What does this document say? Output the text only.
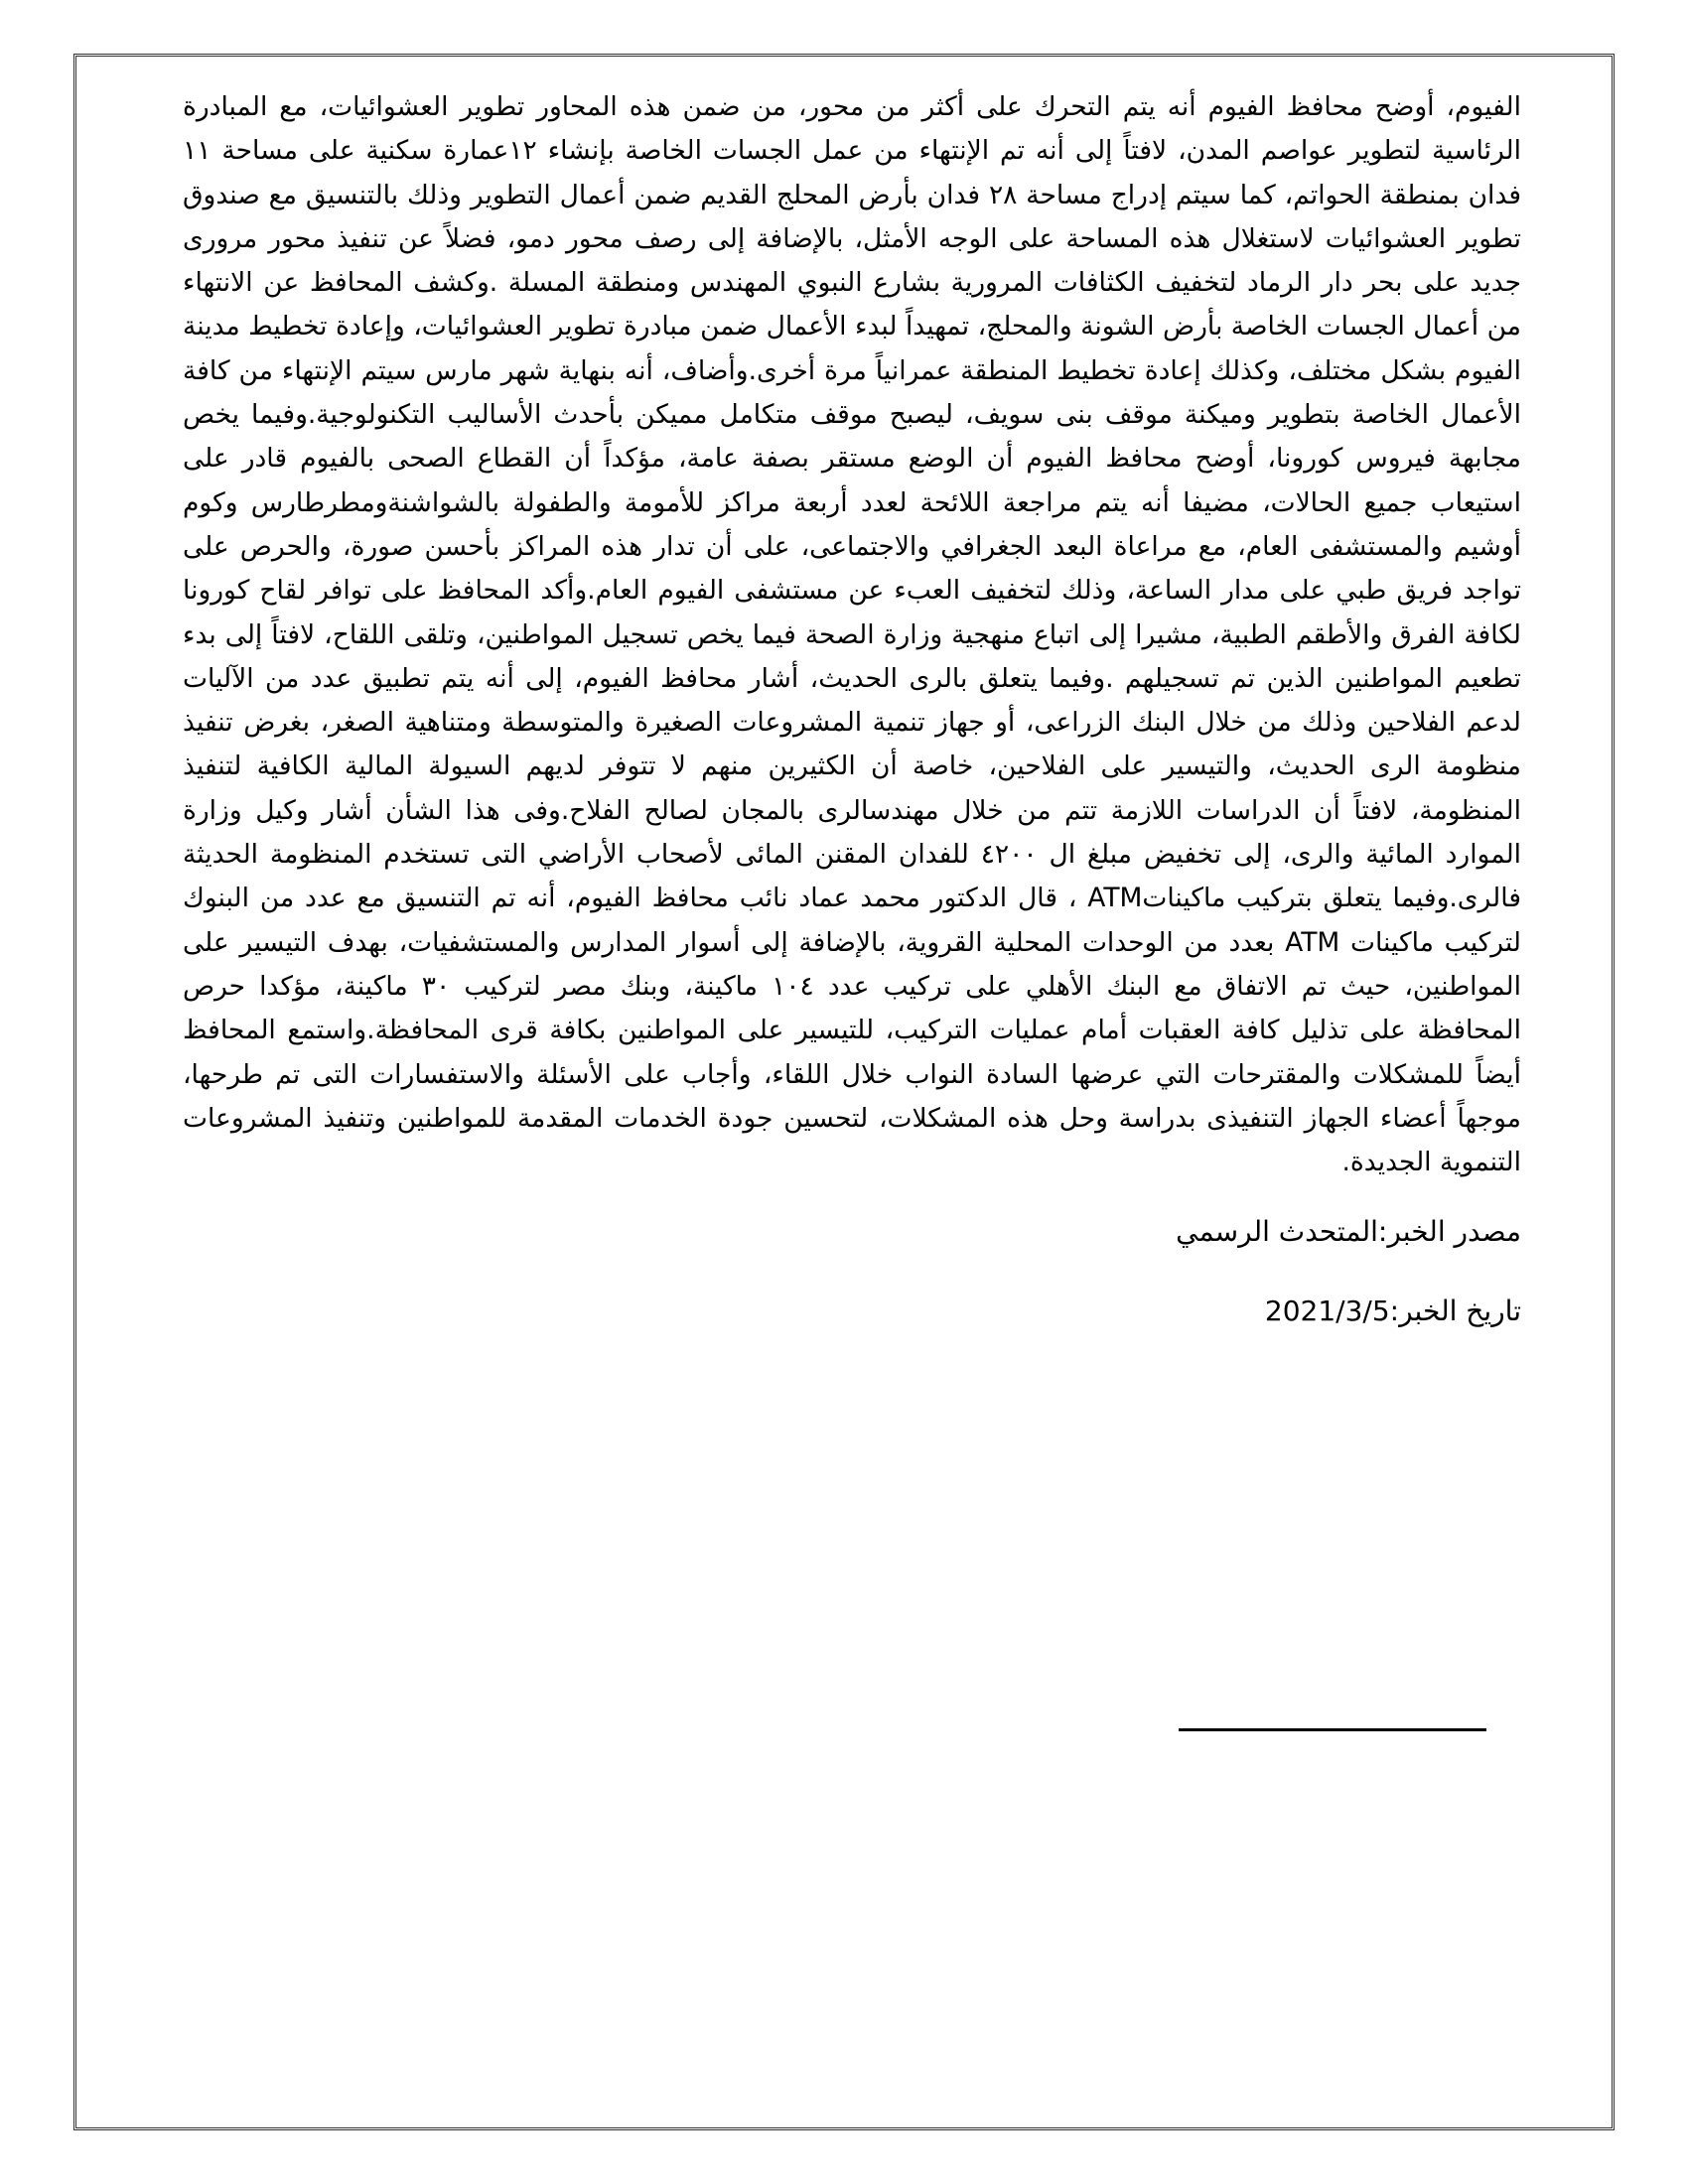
الفيوم، أوضح محافظ الفيوم أنه يتم التحرك على أكثر من محور، من ضمن هذه المحاور تطوير العشوائيات، مع المبادرة الرئاسية لتطوير عواصم المدن، لافتاً إلى أنه تم الإنتهاء من عمل الجسات الخاصة بإنشاء ١٢عمارة سكنية على مساحة ١١ فدان بمنطقة الحواتم، كما سيتم إدراج مساحة ٢٨ فدان بأرض المحلج القديم ضمن أعمال التطوير وذلك بالتنسيق مع صندوق تطوير العشوائيات لاستغلال هذه المساحة على الوجه الأمثل، بالإضافة إلى رصف محور دمو، فضلاً عن تنفيذ محور مرورى جديد على بحر دار الرماد لتخفيف الكثافات المرورية بشارع النبوي المهندس ومنطقة المسلة .وكشف المحافظ عن الانتهاء من أعمال الجسات الخاصة بأرض الشونة والمحلج، تمهيداً لبدء الأعمال ضمن مبادرة تطوير العشوائيات، وإعادة تخطيط مدينة الفيوم بشكل مختلف، وكذلك إعادة تخطيط المنطقة عمرانياً مرة أخرى.وأضاف، أنه بنهاية شهر مارس سيتم الإنتهاء من كافة الأعمال الخاصة بتطوير وميكنة موقف بنى سويف، ليصبح موقف متكامل مميكن بأحدث الأساليب التكنولوجية.وفيما يخص مجابهة فيروس كورونا، أوضح محافظ الفيوم أن الوضع مستقر بصفة عامة، مؤكداً أن القطاع الصحى بالفيوم قادر على استيعاب جميع الحالات، مضيفا أنه يتم مراجعة اللائحة لعدد أربعة مراكز للأمومة والطفولة بالشواشنةومطرطارس وكوم أوشيم والمستشفى العام، مع مراعاة البعد الجغرافي والاجتماعى، على أن تدار هذه المراكز بأحسن صورة، والحرص على تواجد فريق طبي على مدار الساعة، وذلك لتخفيف العبء عن مستشفى الفيوم العام.وأكد المحافظ على توافر لقاح كورونا لكافة الفرق والأطقم الطبية، مشيرا إلى اتباع منهجية وزارة الصحة فيما يخص تسجيل المواطنين، وتلقى اللقاح، لافتاً إلى بدء تطعيم المواطنين الذين تم تسجيلهم .وفيما يتعلق بالرى الحديث، أشار محافظ الفيوم، إلى أنه يتم تطبيق عدد من الآليات لدعم الفلاحين وذلك من خلال البنك الزراعى، أو جهاز تنمية المشروعات الصغيرة والمتوسطة ومتناهية الصغر، بغرض تنفيذ منظومة الرى الحديث، والتيسير على الفلاحين، خاصة أن الكثيرين منهم لا تتوفر لديهم السيولة المالية الكافية لتنفيذ المنظومة، لافتاً أن الدراسات اللازمة تتم من خلال مهندسالرى بالمجان لصالح الفلاح.وفى هذا الشأن أشار وكيل وزارة الموارد المائية والرى، إلى تخفيض مبلغ ال ٤٢٠٠ للفدان المقنن المائى لأصحاب الأراضي التى تستخدم المنظومة الحديثة فالرى.وفيما يتعلق بتركيب ماكيناتATM ، قال الدكتور محمد عماد نائب محافظ الفيوم، أنه تم التنسيق مع عدد من البنوك لتركيب ماكينات ATM بعدد من الوحدات المحلية القروية، بالإضافة إلى أسوار المدارس والمستشفيات، بهدف التيسير على المواطنين، حيث تم الاتفاق مع البنك الأهلي على تركيب عدد ١٠٤ ماكينة، وبنك مصر لتركيب ٣٠ ماكينة، مؤكدا حرص المحافظة على تذليل كافة العقبات أمام عمليات التركيب، للتيسير على المواطنين بكافة قرى المحافظة.واستمع المحافظ أيضاً للمشكلات والمقترحات التي عرضها السادة النواب خلال اللقاء، وأجاب على الأسئلة والاستفسارات التى تم طرحها، موجهاً أعضاء الجهاز التنفيذى بدراسة وحل هذه المشكلات، لتحسين جودة الخدمات المقدمة للمواطنين وتنفيذ المشروعات التنموية الجديدة.

مصدر الخبر:المتحدث الرسمي

تاريخ الخبر:2021/3/5
